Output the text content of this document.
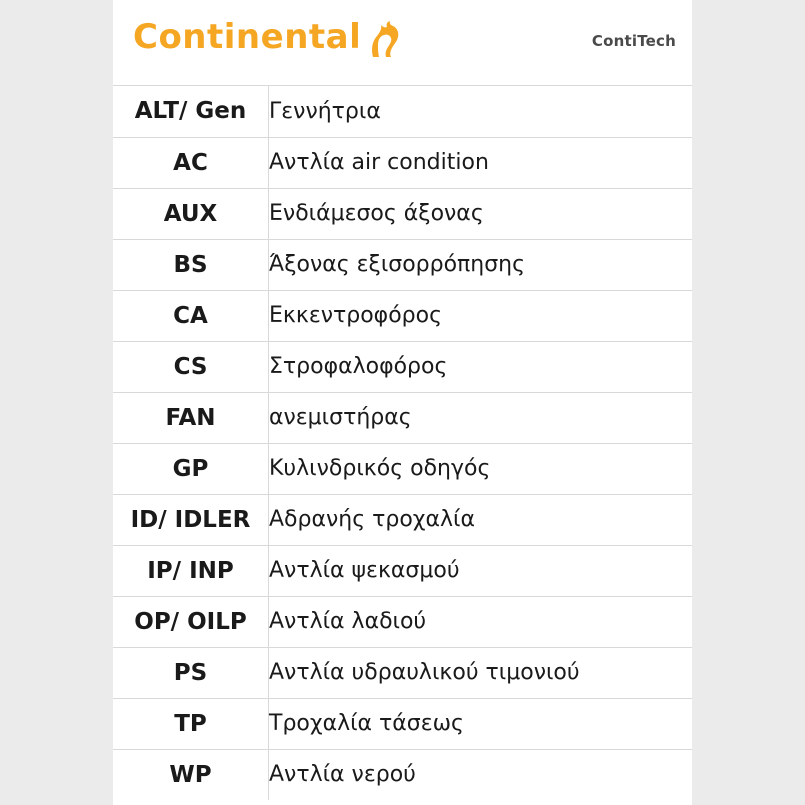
Continental	ContiTech
ALT/ Gen	Γεννήτρια
AC	Αντλία air condition
AUX	Ενδιάμεσος άξονας
BS	Άξονας εξισορρόπησης
CA	Εκκεντροφόρος
CS	Στροφαλοφόρος
FAN	ανεμιστήρας
GP	Κυλινδρικός οδηγός
ID/ IDLER	Αδρανής τροχαλία
IP/ INP	Αντλία ψεκασμού
OP/ OILP	Αντλία λαδιού
PS	Αντλία υδραυλικού τιμονιού
TP	Τροχαλία τάσεως
WP	Αντλία νερού
